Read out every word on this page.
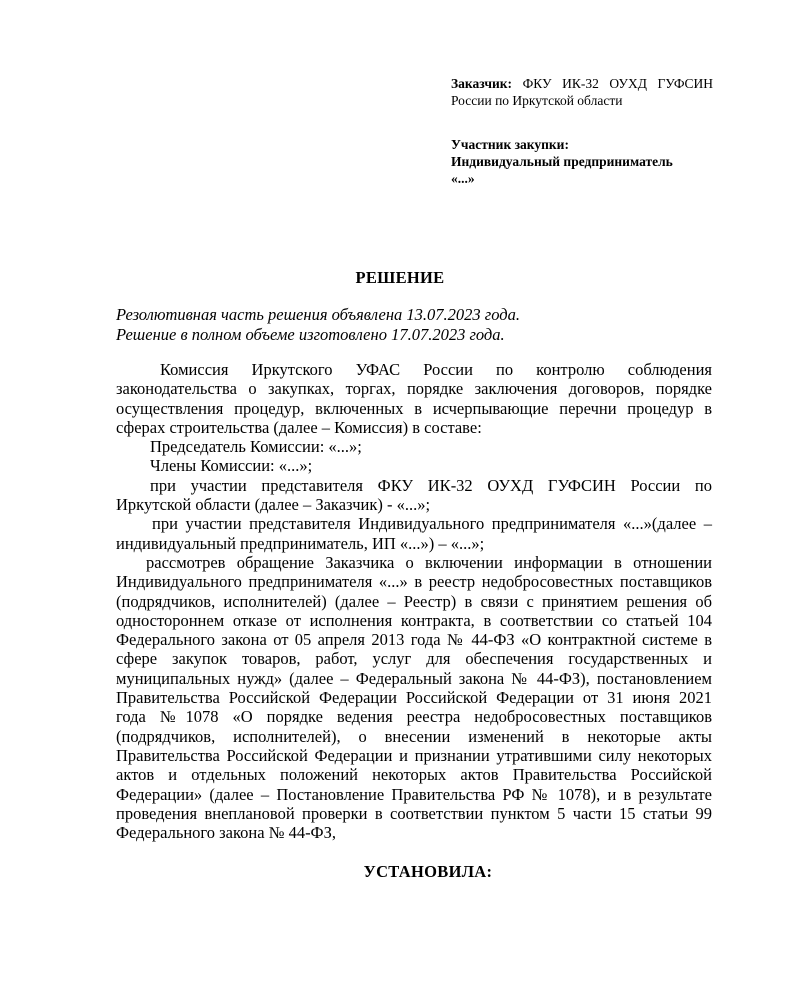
Заказчик: ФКУ ИК-32 ОУХД ГУФСИН
России по Иркутской области
Участник закупки:
Индивидуальный предприниматель
«...»
РЕШЕНИЕ
Резолютивная часть решения объявлена 13.07.2023 года.
Решение в полном объеме изготовлено 17.07.2023 года.
Комиссия Иркутского УФАС России по контролю соблюдения
законодательства о закупках, торгах, порядке заключения договоров, порядке
осуществления процедур, включенных в исчерпывающие перечни процедур в
сферах строительства (далее – Комиссия) в составе:
Председатель Комиссии: «...»;
Члены Комиссии: «...»;
при участии представителя ФКУ ИК-32 ОУХД ГУФСИН России по
Иркутской области (далее – Заказчик) - «...»;
при участии представителя Индивидуального предпринимателя «...»(далее –
индивидуальный предприниматель, ИП «...») – «...»;
рассмотрев обращение Заказчика о включении информации в отношении
Индивидуального предпринимателя «...» в реестр недобросовестных поставщиков
(подрядчиков, исполнителей) (далее – Реестр) в связи с принятием решения об
одностороннем отказе от исполнения контракта, в соответствии со статьей 104
Федерального закона от 05 апреля 2013 года № 44-ФЗ «О контрактной системе в
сфере закупок товаров, работ, услуг для обеспечения государственных и
муниципальных нужд» (далее – Федеральный закона № 44-ФЗ), постановлением
Правительства Российской Федерации Российской Федерации от 31 июня 2021
года №1078 «О порядке ведения реестра недобросовестных поставщиков
(подрядчиков, исполнителей), о внесении изменений в некоторые акты
Правительства Российской Федерации и признании утратившими силу некоторых
актов и отдельных положений некоторых актов Правительства Российской
Федерации» (далее – Постановление Правительства РФ № 1078), и в результате
проведения внеплановой проверки в соответствии пунктом 5 части 15 статьи 99
Федерального закона № 44-ФЗ,
УСТАНОВИЛА:
